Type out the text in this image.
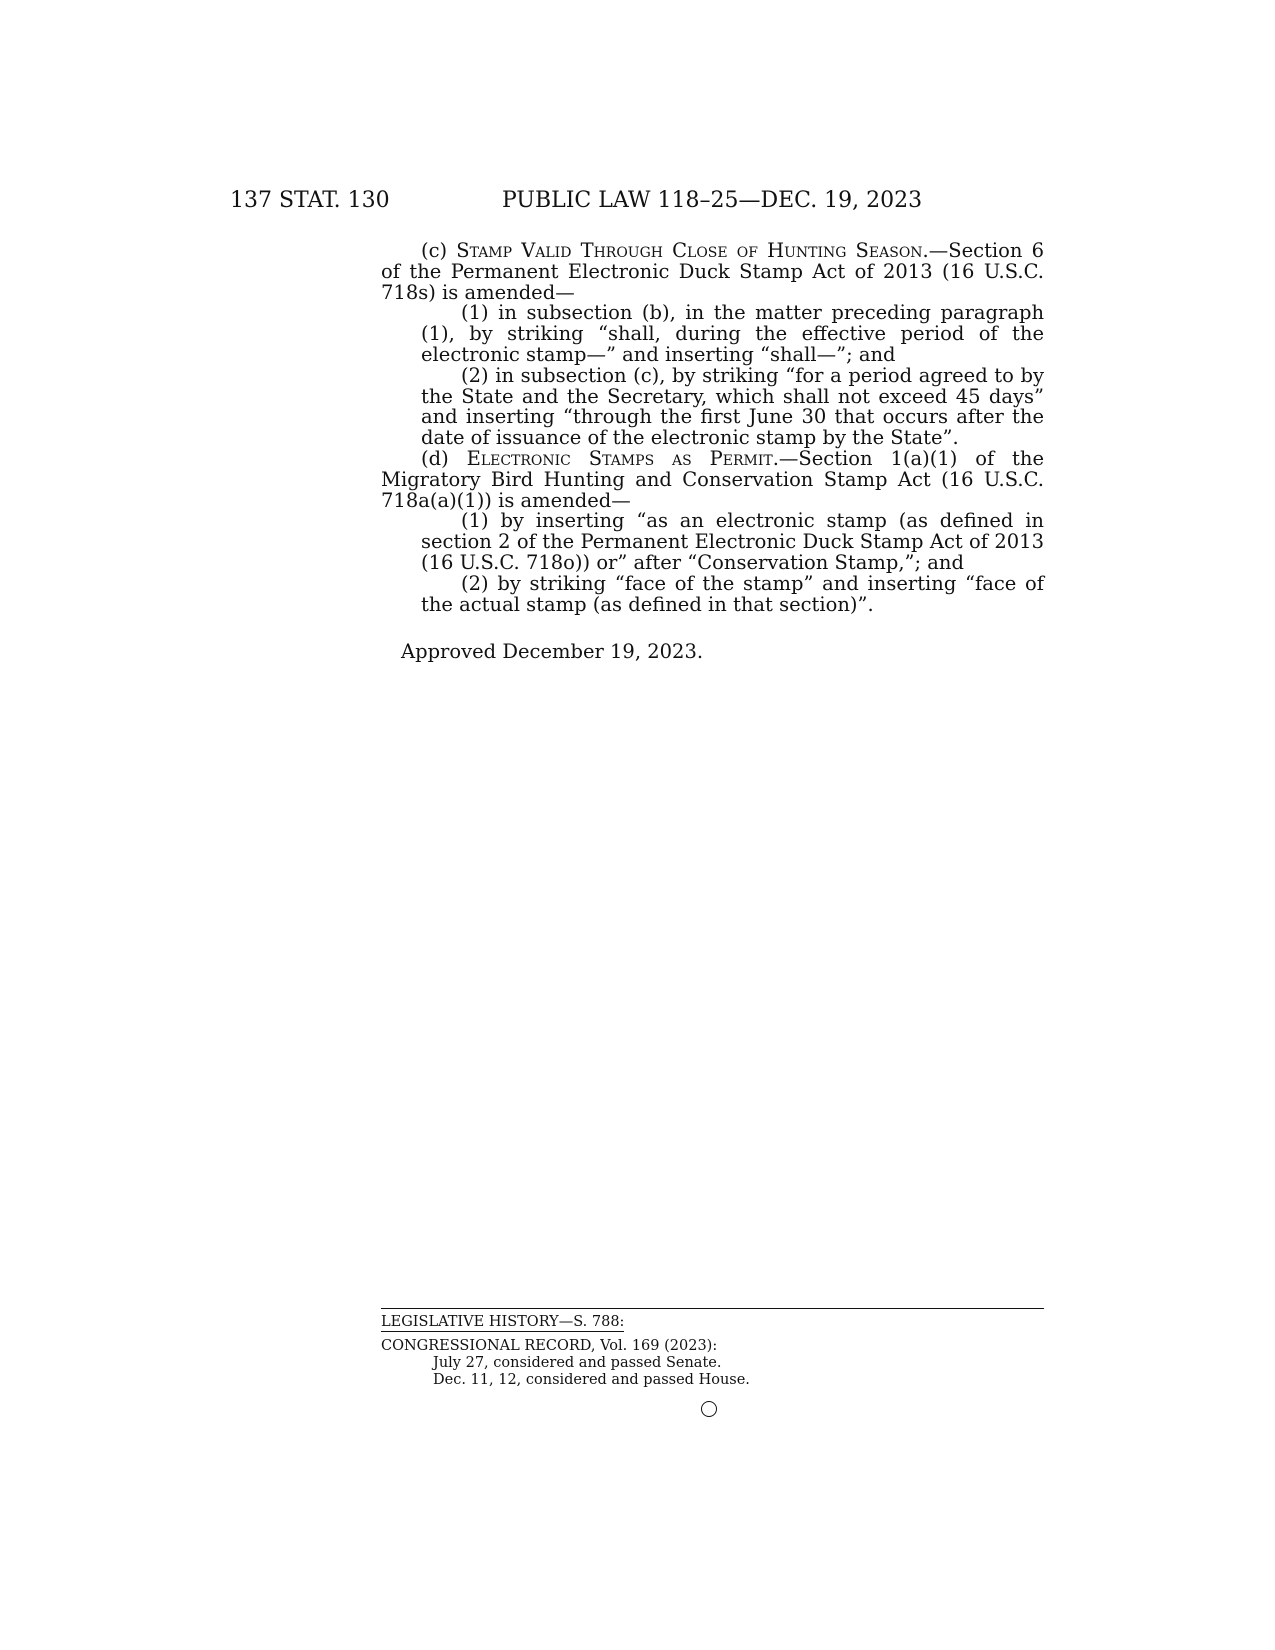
137 STAT. 130	PUBLIC LAW 118–25—DEC. 19, 2023

(c) Stamp Valid Through Close of Hunting Season.—Section 6 of the Permanent Electronic Duck Stamp Act of 2013 (16 U.S.C. 718s) is amended—

(1) in subsection (b), in the matter preceding paragraph (1), by striking “shall, during the effective period of the electronic stamp—” and inserting “shall—”; and

(2) in subsection (c), by striking “for a period agreed to by the State and the Secretary, which shall not exceed 45 days” and inserting “through the first June 30 that occurs after the date of issuance of the electronic stamp by the State”.

(d) Electronic Stamps as Permit.—Section 1(a)(1) of the Migratory Bird Hunting and Conservation Stamp Act (16 U.S.C. 718a(a)(1)) is amended—

(1) by inserting “as an electronic stamp (as defined in section 2 of the Permanent Electronic Duck Stamp Act of 2013 (16 U.S.C. 718o)) or” after “Conservation Stamp,”; and

(2) by striking “face of the stamp” and inserting “face of the actual stamp (as defined in that section)”.

Approved December 19, 2023.

LEGISLATIVE HISTORY—S. 788:

CONGRESSIONAL RECORD, Vol. 169 (2023):

July 27, considered and passed Senate.

Dec. 11, 12, considered and passed House.
